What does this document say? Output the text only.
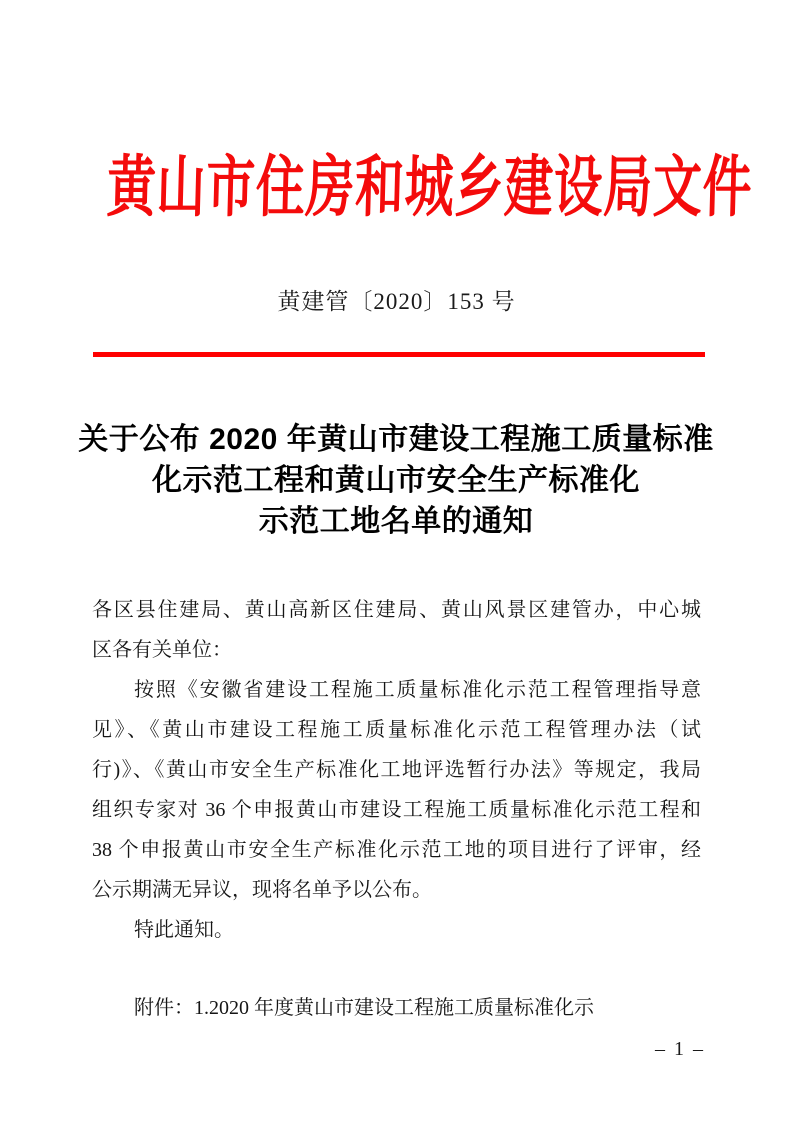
黄山市住房和城乡建设局文件
黄建管〔2020〕153 号
关于公布 2020 年黄山市建设工程施工质量标准
化示范工程和黄山市安全生产标准化
示范工地名单的通知
各区县住建局、黄山高新区住建局、黄山风景区建管办，中心城
区各有关单位：
按照《安徽省建设工程施工质量标准化示范工程管理指导意
见》、《黄山市建设工程施工质量标准化示范工程管理办法（试
行)》、《黄山市安全生产标准化工地评选暂行办法》等规定，我局
组织专家对 36 个申报黄山市建设工程施工质量标准化示范工程和
38 个申报黄山市安全生产标准化示范工地的项目进行了评审，经
公示期满无异议，现将名单予以公布。
特此通知。
附件：1.2020 年度黄山市建设工程施工质量标准化示
– 1 –
